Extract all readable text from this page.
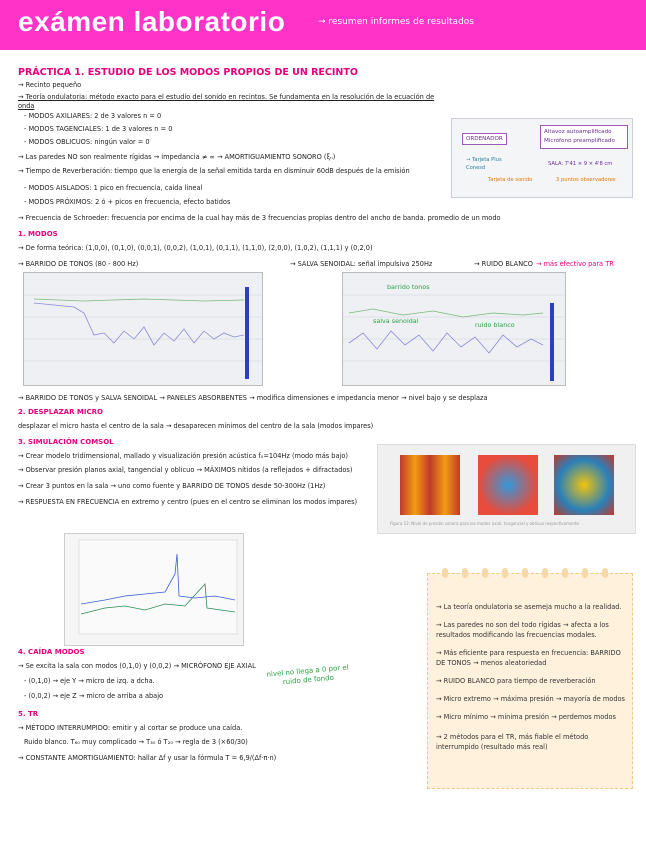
exámen laboratorio	→ resumen informes de resultados
PRÁCTICA 1. ESTUDIO DE LOS MODOS PROPIOS DE UN RECINTO
→ Recinto pequeño
→ Teoría ondulatoria: método exacto para el estudio del sonido en recintos. Se fundamenta en la resolución de la ecuación de onda
- MODOS AXILIARES: 2 de 3 valores n = 0
- MODOS TAGENCIALES: 1 de 3 valores n = 0
- MODOS OBLICUOS: ningún valor = 0
→ Las paredes NO son realmente rígidas → impedancia ≠ ∞ → AMORTIGUAMIENTO SONORO (ξₙ)
→ Tiempo de Reverberación: tiempo que la energía de la señal emitida tarda en disminuir 60dB después de la emisión
- MODOS AISLADOS: 1 pico en frecuencia, caída lineal
- MODOS PRÓXIMOS: 2 ó + picos en frecuencia, efecto batidos
→ Frecuencia de Schroeder: frecuencia por encima de la cual hay más de 3 frecuencias propias dentro del ancho de banda. promedio de un modo
ORDENADOR
Altavoz autoamplificado
Micrófono preamplificado
→ Tarjeta Plus
Conesd
Tarjeta de sonido
SALA: 7'41 × 9 × 4'8 cm
3 puntos observadores
1. MODOS
→ De forma teórica: (1,0,0), (0,1,0), (0,0,1), (0,0,2), (1,0,1), (0,1,1), (1,1,0), (2,0,0), (1,0,2), (1,1,1) y (0,2,0)
→ BARRIDO DE TONOS (80 - 800 Hz)	→ SALVA SENOIDAL: señal impulsiva 250Hz	→ RUIDO BLANCO → más efectivo para TR
barrido tonos
salva senoidal	ruido blanco
→ BARRIDO DE TONOS y SALVA SENOIDAL → PANELES ABSORBENTES → modifica dimensiones e impedancia menor → nivel bajo y se desplaza
2. DESPLAZAR MICRO
desplazar el micro hasta el centro de la sala → desaparecen mínimos del centro de la sala (modos impares)
3. SIMULACIÓN COMSOL
→ Crear modelo tridimensional, mallado y visualización presión acústica f₀=104Hz (modo más bajo)
→ Observar presión planos axial, tangencial y oblicuo → MÁXIMOS nítidos (a reflejados + difractados)
→ Crear 3 puntos en la sala → uno como fuente y BARRIDO DE TONOS desde 50-300Hz (1Hz)
→ RESPUESTA EN FRECUENCIA en extremo y centro (pues en el centro se eliminan los modos impares)
Figura 12: Nivel de presión sonora para los modos axial, tangencial y oblicuo respectivamente
4. CAÍDA MODOS
→ Se excita la sala con modos (0,1,0) y (0,0,2) → MICRÓFONO EJE AXIAL
- (0,1,0) → eje Y → micro de izq. a dcha.
- (0,0,2) → eje Z → micro de arriba a abajo
nivel no llega a 0 por el ruido de fondo
5. TR
→ MÉTODO INTERRUMPIDO: emitir y al cortar se produce una caída.
Ruido blanco. T₆₀ muy complicado → T₃₀ ó T₂₀ → regla de 3 (×60/30)
→ CONSTANTE AMORTIGUAMIENTO: hallar Δf y usar la fórmula T = 6,9/(Δf·π·n)
→ La teoría ondulatoria se asemeja mucho a la realidad.
→ Las paredes no son del todo rígidas → afecta a los resultados modificando las frecuencias modales.
→ Más eficiente para respuesta en frecuencia: BARRIDO DE TONOS → menos aleatoriedad
→ RUIDO BLANCO para tiempo de reverberación
→ Micro extremo → máxima presión → mayoría de modos
→ Micro mínimo → mínima presión → perdemos modos
→ 2 métodos para el TR, más fiable el método interrumpido (resultado más real)
